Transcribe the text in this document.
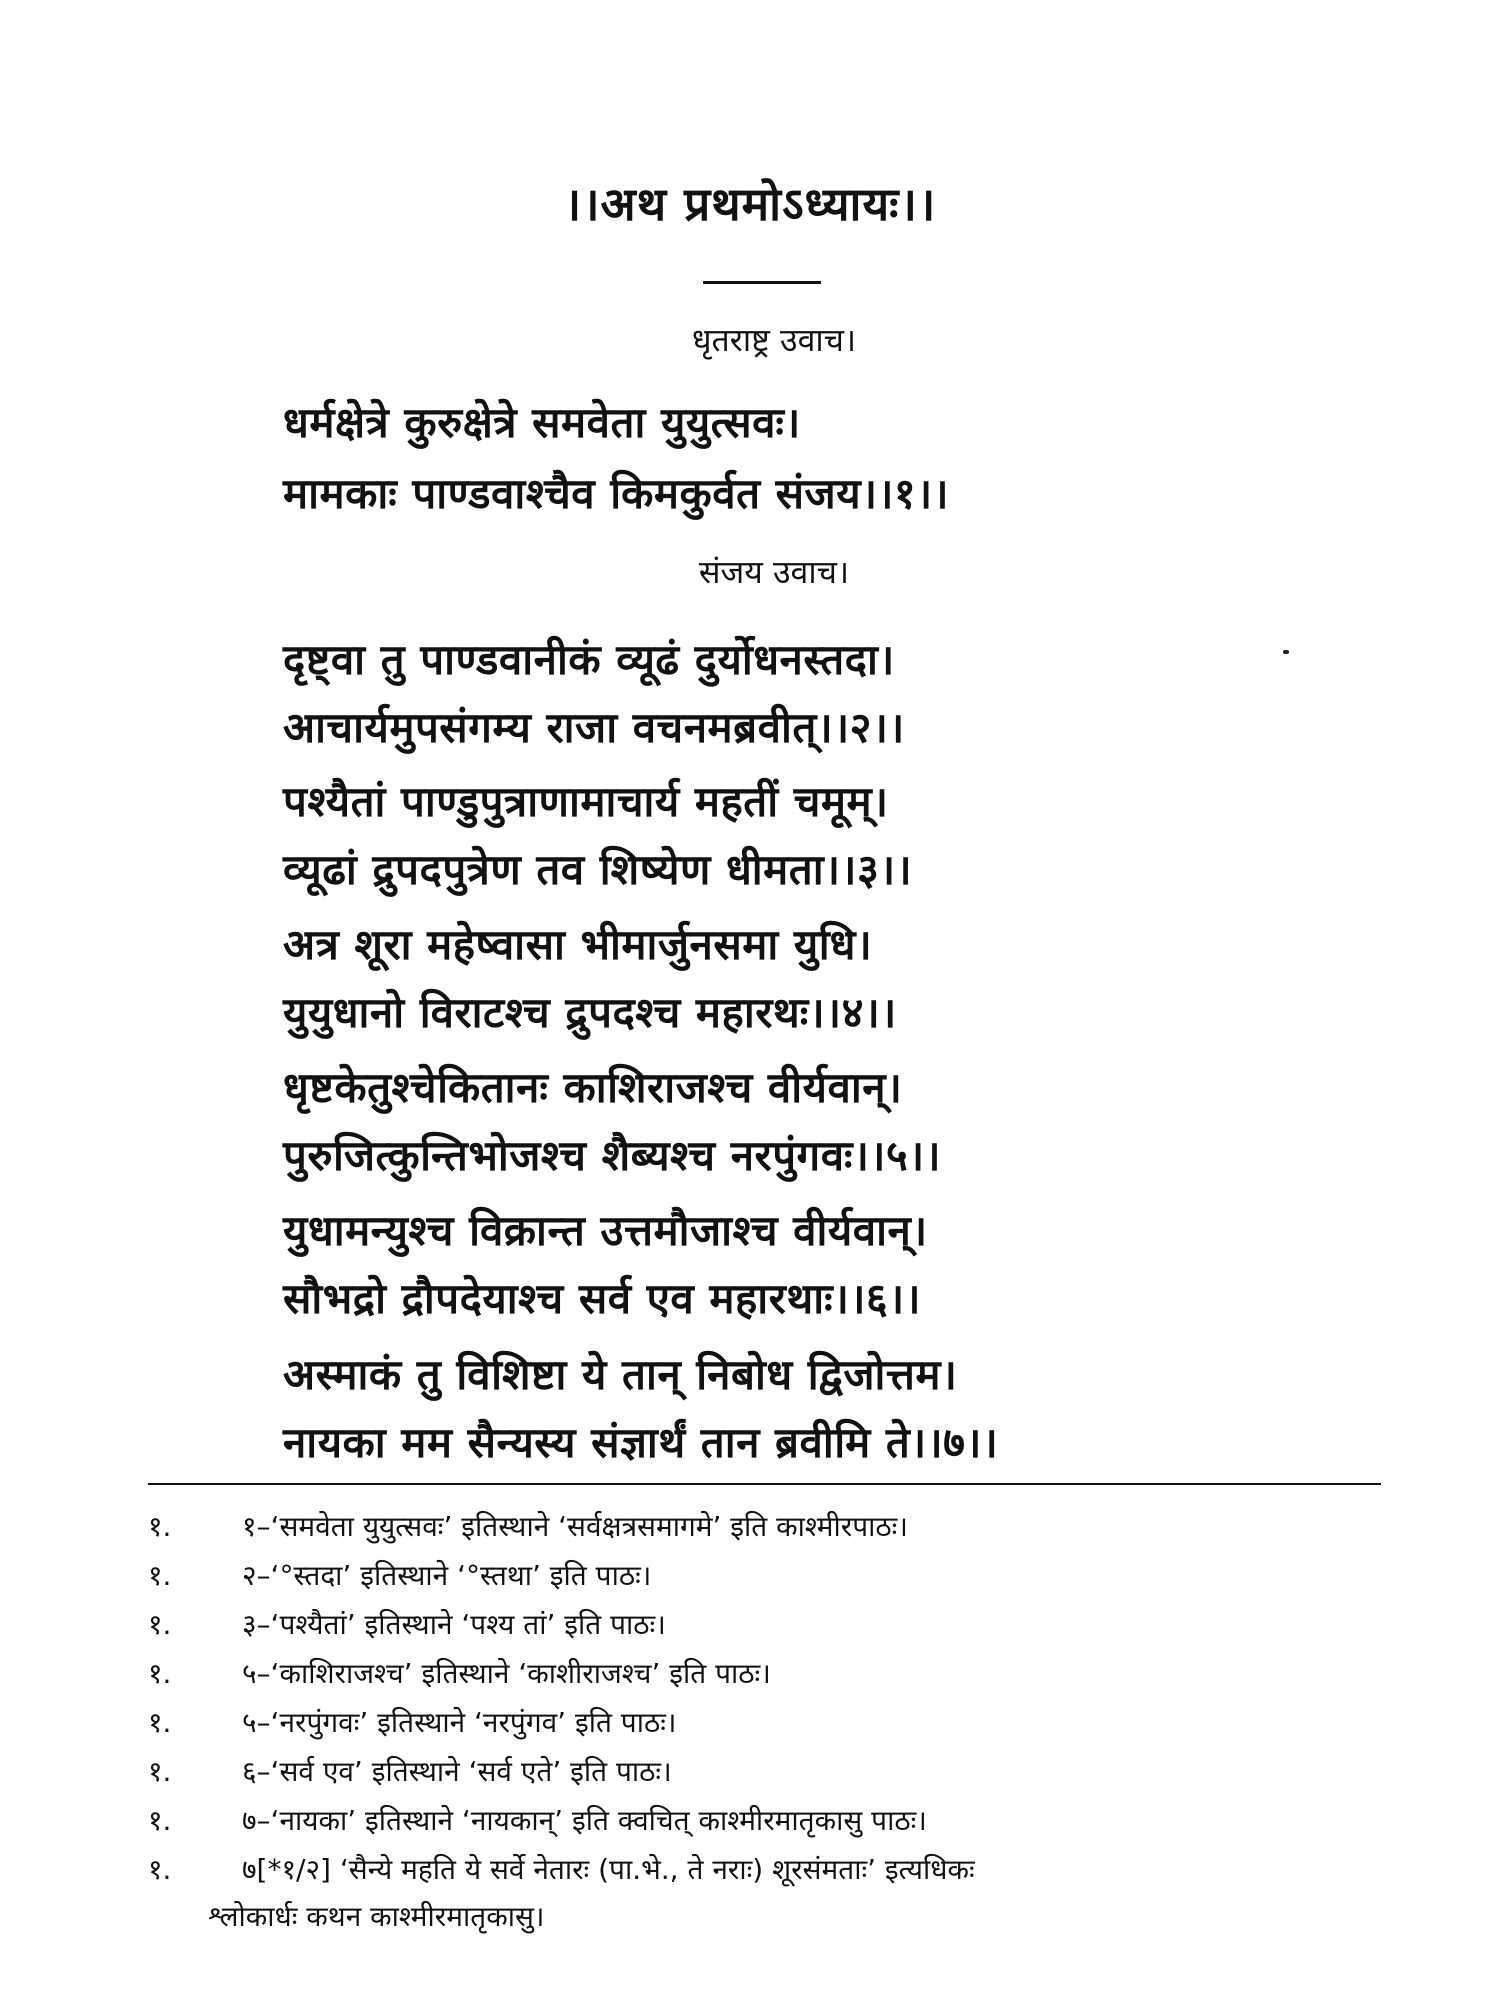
।।अथ प्रथमोऽध्यायः।।
धृतराष्ट्र उवाच।
धर्मक्षेत्रे कुरुक्षेत्रे समवेता युयुत्सवः।
मामकाः पाण्डवाश्चैव किमकुर्वत संजय।।१।।
संजय उवाच।
दृष्ट्वा तु पाण्डवानीकं व्यूढं दुर्योधनस्तदा।
आचार्यमुपसंगम्य राजा वचनमब्रवीत्।।२।।
पश्यैतां पाण्डुपुत्राणामाचार्य महतीं चमूम्।
व्यूढां द्रुपदपुत्रेण तव शिष्येण धीमता।।३।।
अत्र शूरा महेष्वासा भीमार्जुनसमा युधि।
युयुधानो विराटश्च द्रुपदश्च महारथः।।४।।
धृष्टकेतुश्चेकितानः काशिराजश्च वीर्यवान्।
पुरुजित्कुन्तिभोजश्च शैब्यश्च नरपुंगवः।।५।।
युधामन्युश्च विक्रान्त उत्तमौजाश्च वीर्यवान्।
सौभद्रो द्रौपदेयाश्च सर्व एव महारथाः।।६।।
अस्माकं तु विशिष्टा ये तान् निबोध द्विजोत्तम।
नायका मम सैन्यस्य संज्ञार्थं तान ब्रवीमि ते।।७।।
१.	१–‘समवेता युयुत्सवः’ इतिस्थाने ‘सर्वक्षत्रसमागमे’ इति काश्मीरपाठः।
१.	२–‘°स्तदा’ इतिस्थाने ‘°स्तथा’ इति पाठः।
१.	३–‘पश्यैतां’ इतिस्थाने ‘पश्य तां’ इति पाठः।
१.	५–‘काशिराजश्च’ इतिस्थाने ‘काशीराजश्च’ इति पाठः।
१.	५–‘नरपुंगवः’ इतिस्थाने ‘नरपुंगव’ इति पाठः।
१.	६–‘सर्व एव’ इतिस्थाने ‘सर्व एते’ इति पाठः।
१.	७–‘नायका’ इतिस्थाने ‘नायकान्’ इति क्वचित् काश्मीरमातृकासु पाठः।
१.	७[*१/२] ‘सैन्ये महति ये सर्वे नेतारः (पा.भे., ते नराः) शूरसंमताः’ इत्यधिकः
श्लोकार्धः कथन काश्मीरमातृकासु।
